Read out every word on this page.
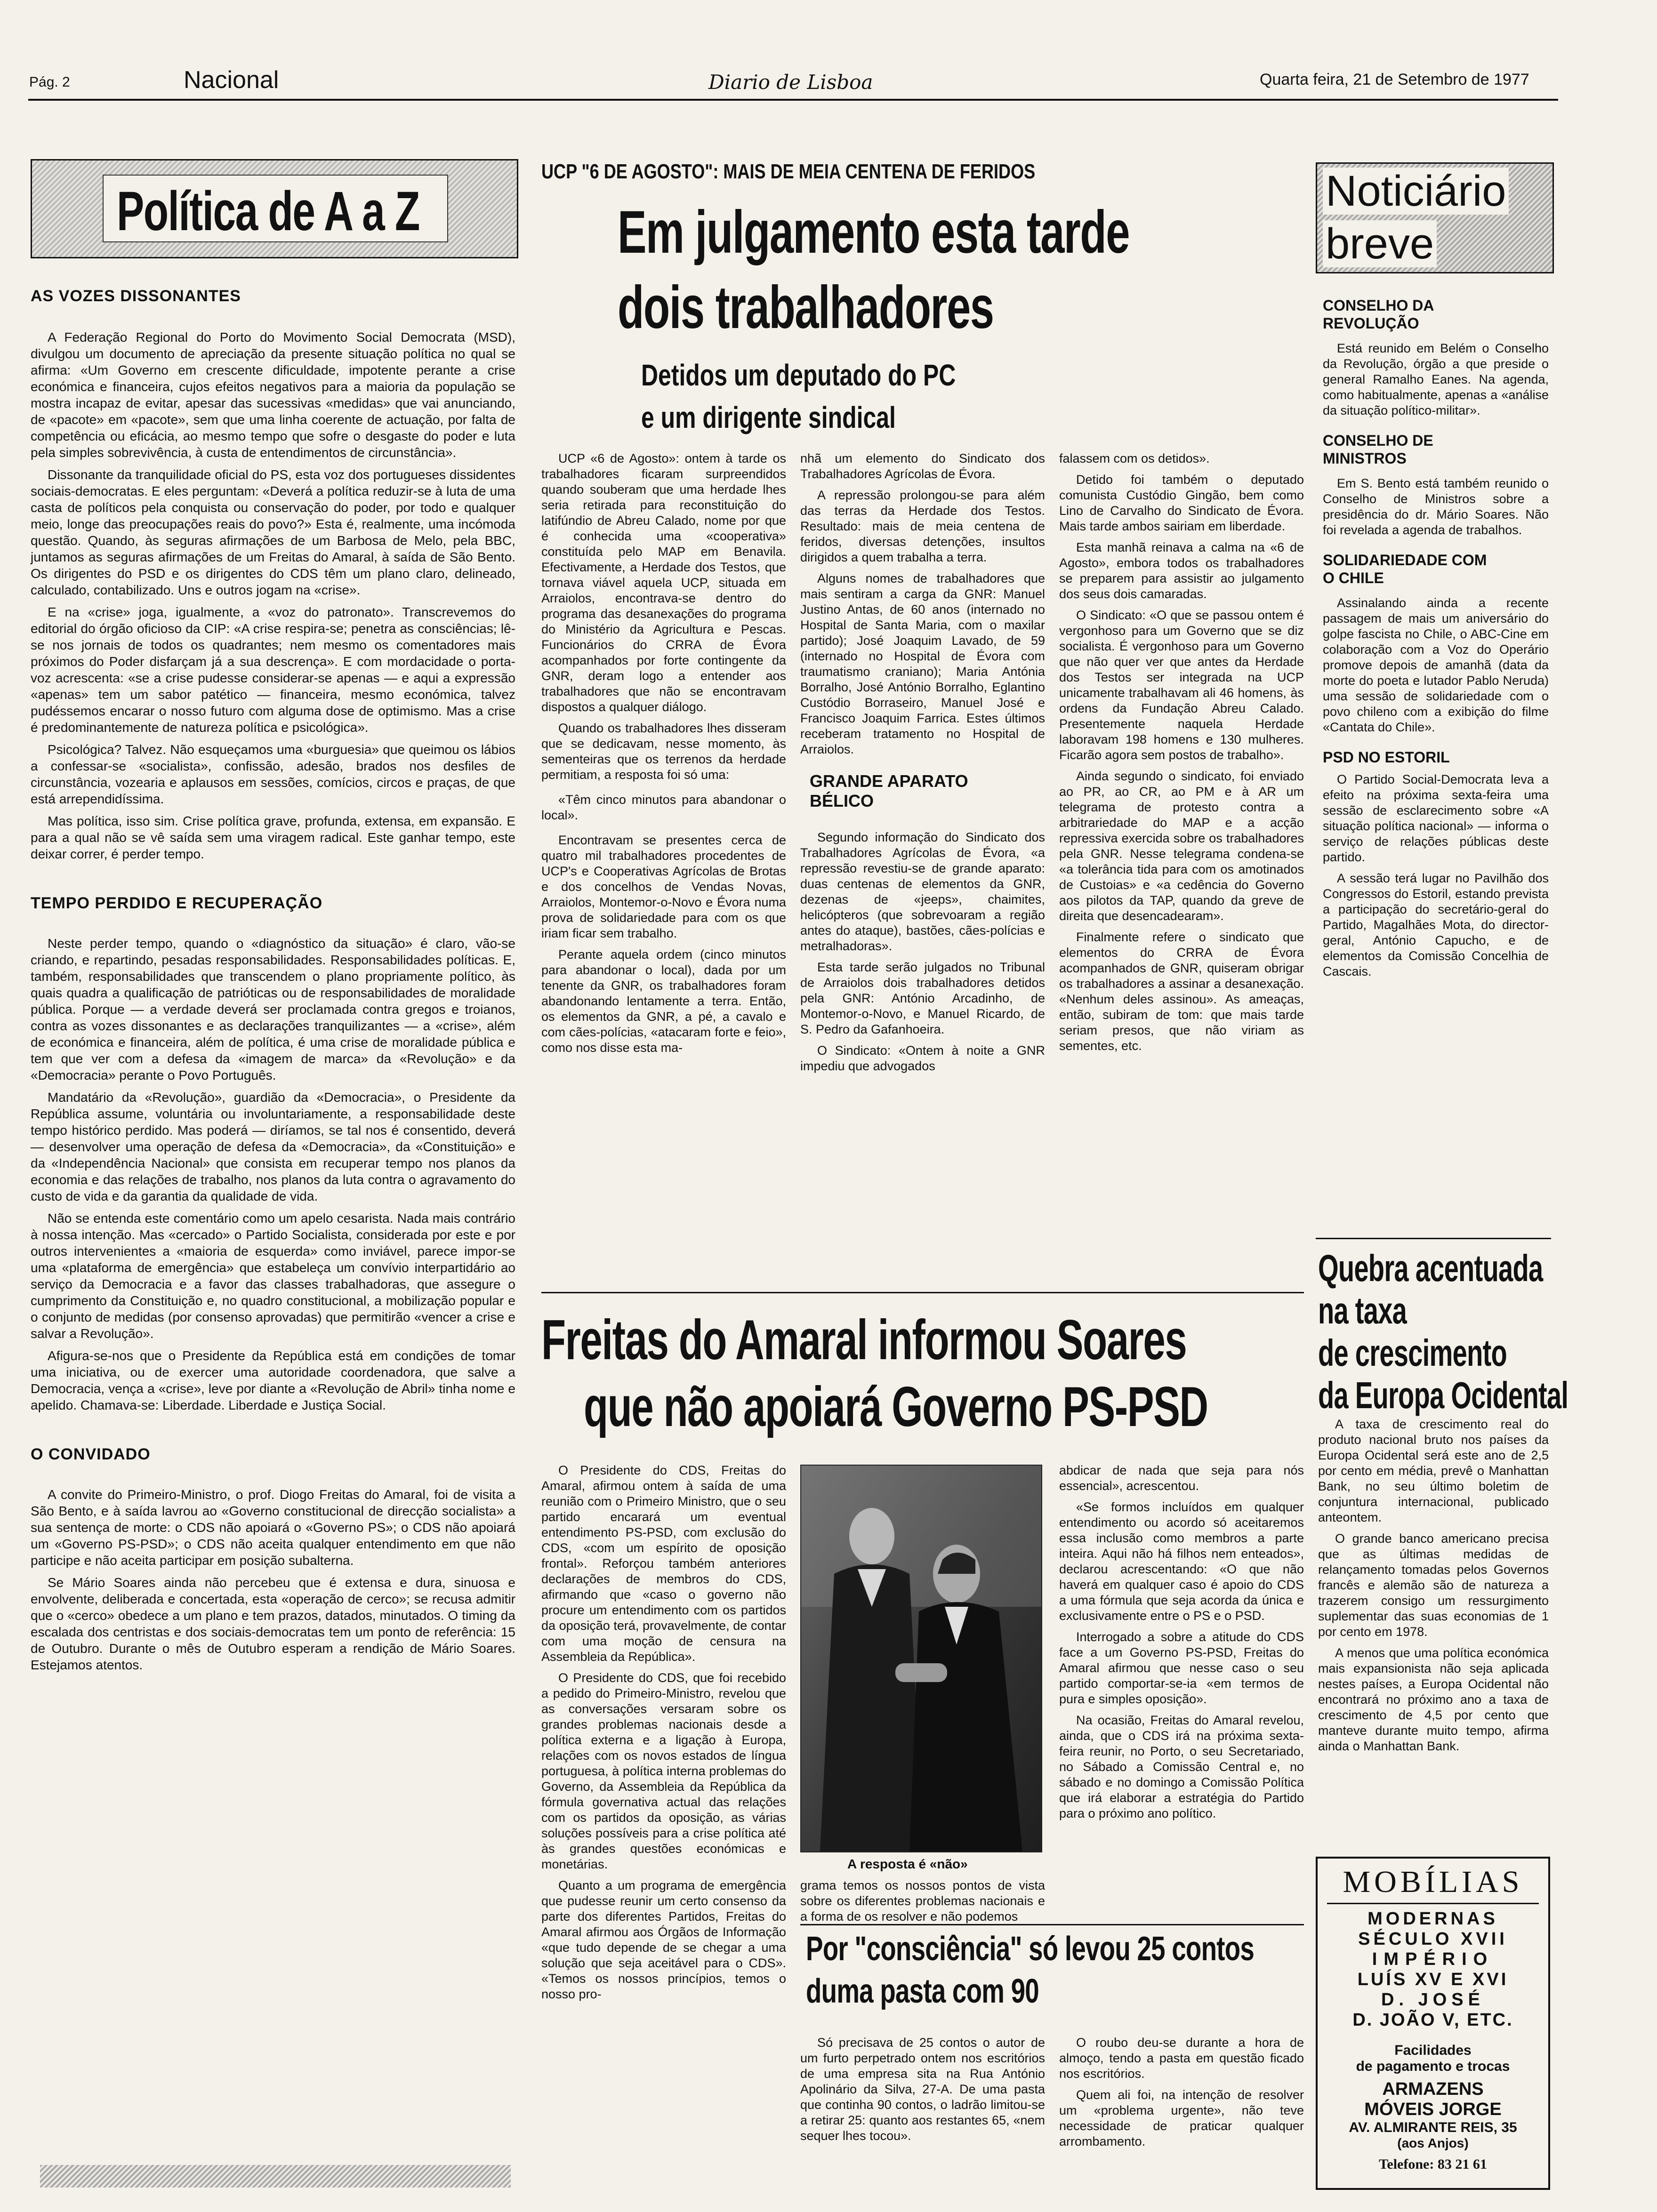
Pág. 2	Nacional	Diario de Lisboa	Quarta feira, 21 de Setembro de 1977
Política de A a Z
AS VOZES DISSONANTES

A Federação Regional do Porto do Movimento Social Democrata (MSD), divulgou um documento de apreciação da presente situação política no qual se afirma: «Um Governo em crescente dificuldade, impotente perante a crise económica e financeira, cujos efeitos negativos para a maioria da população se mostra incapaz de evitar, apesar das sucessivas «medidas» que vai anunciando, de «pacote» em «pacote», sem que uma linha coerente de actuação, por falta de competência ou eficácia, ao mesmo tempo que sofre o desgaste do poder e luta pela simples sobrevivência, à custa de entendimentos de circunstância».

Dissonante da tranquilidade oficial do PS, esta voz dos portugueses dissidentes sociais-democratas. E eles perguntam: «Deverá a política reduzir-se à luta de uma casta de políticos pela conquista ou conservação do poder, por todo e qualquer meio, longe das preocupações reais do povo?» Esta é, realmente, uma incómoda questão. Quando, às seguras afirmações de um Barbosa de Melo, pela BBC, juntamos as seguras afirmações de um Freitas do Amaral, à saída de São Bento. Os dirigentes do PSD e os dirigentes do CDS têm um plano claro, delineado, calculado, contabilizado. Uns e outros jogam na «crise».

E na «crise» joga, igualmente, a «voz do patronato». Transcrevemos do editorial do órgão oficioso da CIP: «A crise respira-se; penetra as consciências; lê-se nos jornais de todos os quadrantes; nem mesmo os comentadores mais próximos do Poder disfarçam já a sua descrença». E com mordacidade o porta-voz acrescenta: «se a crise pudesse considerar-se apenas — e aqui a expressão «apenas» tem um sabor patético — financeira, mesmo económica, talvez pudéssemos encarar o nosso futuro com alguma dose de optimismo. Mas a crise é predominantemente de natureza política e psicológica».

Psicológica? Talvez. Não esqueçamos uma «burguesia» que queimou os lábios a confessar-se «socialista», confissão, adesão, brados nos desfiles de circunstância, vozearia e aplausos em sessões, comícios, circos e praças, de que está arrependidíssima.

Mas política, isso sim. Crise política grave, profunda, extensa, em expansão. E para a qual não se vê saída sem uma viragem radical. Este ganhar tempo, este deixar correr, é perder tempo.

TEMPO PERDIDO E RECUPERAÇÃO

Neste perder tempo, quando o «diagnóstico da situação» é claro, vão-se criando, e repartindo, pesadas responsabilidades. Responsabilidades políticas. E, também, responsabilidades que transcendem o plano propriamente político, às quais quadra a qualificação de patrióticas ou de responsabilidades de moralidade pública. Porque — a verdade deverá ser proclamada contra gregos e troianos, contra as vozes dissonantes e as declarações tranquilizantes — a «crise», além de económica e financeira, além de política, é uma crise de moralidade pública e tem que ver com a defesa da «imagem de marca» da «Revolução» e da «Democracia» perante o Povo Português.

Mandatário da «Revolução», guardião da «Democracia», o Presidente da República assume, voluntária ou involuntariamente, a responsabilidade deste tempo histórico perdido. Mas poderá — diríamos, se tal nos é consentido, deverá — desenvolver uma operação de defesa da «Democracia», da «Constituição» e da «Independência Nacional» que consista em recuperar tempo nos planos da economia e das relações de trabalho, nos planos da luta contra o agravamento do custo de vida e da garantia da qualidade de vida.

Não se entenda este comentário como um apelo cesarista. Nada mais contrário à nossa intenção. Mas «cercado» o Partido Socialista, considerada por este e por outros intervenientes a «maioria de esquerda» como inviável, parece impor-se uma «plataforma de emergência» que estabeleça um convívio interpartidário ao serviço da Democracia e a favor das classes trabalhadoras, que assegure o cumprimento da Constituição e, no quadro constitucional, a mobilização popular e o conjunto de medidas (por consenso aprovadas) que permitirão «vencer a crise e salvar a Revolução».

Afigura-se-nos que o Presidente da República está em condições de tomar uma iniciativa, ou de exercer uma autoridade coordenadora, que salve a Democracia, vença a «crise», leve por diante a «Revolução de Abril» tinha nome e apelido. Chamava-se: Liberdade. Liberdade e Justiça Social.

O CONVIDADO

A convite do Primeiro-Ministro, o prof. Diogo Freitas do Amaral, foi de visita a São Bento, e à saída lavrou ao «Governo constitucional de direcção socialista» a sua sentença de morte: o CDS não apoiará o «Governo PS»; o CDS não apoiará um «Governo PS-PSD»; o CDS não aceita qualquer entendimento em que não participe e não aceita participar em posição subalterna.

Se Mário Soares ainda não percebeu que é extensa e dura, sinuosa e envolvente, deliberada e concertada, esta «operação de cerco»; se recusa admitir que o «cerco» obedece a um plano e tem prazos, datados, minutados. O timing da escalada dos centristas e dos sociais-democratas tem um ponto de referência: 15 de Outubro. Durante o mês de Outubro esperam a rendição de Mário Soares. Estejamos atentos.

UCP "6 DE AGOSTO": MAIS DE MEIA CENTENA DE FERIDOS
Em julgamento esta tarde
dois trabalhadores
Detidos um deputado do PC
e um dirigente sindical

UCP «6 de Agosto»: ontem à tarde os trabalhadores ficaram surpreendidos quando souberam que uma herdade lhes seria retirada para reconstituição do latifúndio de Abreu Calado, nome por que é conhecida uma «cooperativa» constituída pelo MAP em Benavila. Efectivamente, a Herdade dos Testos, que tornava viável aquela UCP, situada em Arraiolos, encontrava-se dentro do programa das desanexações do programa do Ministério da Agricultura e Pescas. Funcionários do CRRA de Évora acompanhados por forte contingente da GNR, deram logo a entender aos trabalhadores que não se encontravam dispostos a qualquer diálogo.

Quando os trabalhadores lhes disseram que se dedicavam, nesse momento, às sementeiras que os terrenos da herdade permitiam, a resposta foi só uma:

«Têm cinco minutos para abandonar o local».

Encontravam se presentes cerca de quatro mil trabalhadores procedentes de UCP's e Cooperativas Agrícolas de Brotas e dos concelhos de Vendas Novas, Arraiolos, Montemor-o-Novo e Évora numa prova de solidariedade para com os que iriam ficar sem trabalho.

Perante aquela ordem (cinco minutos para abandonar o local), dada por um tenente da GNR, os trabalhadores foram abandonando lentamente a terra. Então, os elementos da GNR, a pé, a cavalo e com cães-polícias, «atacaram forte e feio», como nos disse esta ma-

nhã um elemento do Sindicato dos Trabalhadores Agrícolas de Évora.

A repressão prolongou-se para além das terras da Herdade dos Testos. Resultado: mais de meia centena de feridos, diversas detenções, insultos dirigidos a quem trabalha a terra.

Alguns nomes de trabalhadores que mais sentiram a carga da GNR: Manuel Justino Antas, de 60 anos (internado no Hospital de Santa Maria, com o maxilar partido); José Joaquim Lavado, de 59 (internado no Hospital de Évora com traumatismo craniano); Maria Antónia Borralho, José António Borralho, Eglantino Custódio Borraseiro, Manuel José e Francisco Joaquim Farrica. Estes últimos receberam tratamento no Hospital de Arraiolos.

GRANDE APARATO BÉLICO

Segundo informação do Sindicato dos Trabalhadores Agrícolas de Évora, «a repressão revestiu-se de grande aparato: duas centenas de elementos da GNR, dezenas de «jeeps», chaimites, helicópteros (que sobrevoaram a região antes do ataque), bastões, cães-polícias e metralhadoras».

Esta tarde serão julgados no Tribunal de Arraiolos dois trabalhadores detidos pela GNR: António Arcadinho, de Montemor-o-Novo, e Manuel Ricardo, de S. Pedro da Gafanhoeira.

O Sindicato: «Ontem à noite a GNR impediu que advogados

falassem com os detidos».

Detido foi também o deputado comunista Custódio Gingão, bem como Lino de Carvalho do Sindicato de Évora. Mais tarde ambos sairiam em liberdade.

Esta manhã reinava a calma na «6 de Agosto», embora todos os trabalhadores se preparem para assistir ao julgamento dos seus dois camaradas.

O Sindicato: «O que se passou ontem é vergonhoso para um Governo que se diz socialista. É vergonhoso para um Governo que não quer ver que antes da Herdade dos Testos ser integrada na UCP unicamente trabalhavam ali 46 homens, às ordens da Fundação Abreu Calado. Presentemente naquela Herdade laboravam 198 homens e 130 mulheres. Ficarão agora sem postos de trabalho».

Ainda segundo o sindicato, foi enviado ao PR, ao CR, ao PM e à AR um telegrama de protesto contra a arbitrariedade do MAP e a acção repressiva exercida sobre os trabalhadores pela GNR. Nesse telegrama condena-se «a tolerância tida para com os amotinados de Custoias» e «a cedência do Governo aos pilotos da TAP, quando da greve de direita que desencadearam».

Finalmente refere o sindicato que elementos do CRRA de Évora acompanhados de GNR, quiseram obrigar os trabalhadores a assinar a desanexação. «Nenhum deles assinou». As ameaças, então, subiram de tom: que mais tarde seriam presos, que não viriam as sementes, etc.

Freitas do Amaral informou Soares
que não apoiará Governo PS-PSD

O Presidente do CDS, Freitas do Amaral, afirmou ontem à saída de uma reunião com o Primeiro Ministro, que o seu partido encarará um eventual entendimento PS-PSD, com exclusão do CDS, «com um espírito de oposição frontal». Reforçou também anteriores declarações de membros do CDS, afirmando que «caso o governo não procure um entendimento com os partidos da oposição terá, provavelmente, de contar com uma moção de censura na Assembleia da República».

O Presidente do CDS, que foi recebido a pedido do Primeiro-Ministro, revelou que as conversações versaram sobre os grandes problemas nacionais desde a política externa e a ligação à Europa, relações com os novos estados de língua portuguesa, à política interna problemas do Governo, da Assembleia da República da fórmula governativa actual das relações com os partidos da oposição, as várias soluções possíveis para a crise política até às grandes questões económicas e monetárias.

Quanto a um programa de emergência que pudesse reunir um certo consenso da parte dos diferentes Partidos, Freitas do Amaral afirmou aos Órgãos de Informação «que tudo depende de se chegar a uma solução que seja aceitável para o CDS». «Temos os nossos princípios, temos o nosso pro-

A resposta é «não»

grama temos os nossos pontos de vista sobre os diferentes problemas nacionais e a forma de os resolver e não podemos

abdicar de nada que seja para nós essencial», acrescentou.

«Se formos incluídos em qualquer entendimento ou acordo só aceitaremos essa inclusão como membros a parte inteira. Aqui não há filhos nem enteados», declarou acrescentando: «O que não haverá em qualquer caso é apoio do CDS a uma fórmula que seja acorda da única e exclusivamente entre o PS e o PSD.

Interrogado a sobre a atitude do CDS face a um Governo PS-PSD, Freitas do Amaral afirmou que nesse caso o seu partido comportar-se-ia «em termos de pura e simples oposição».

Na ocasião, Freitas do Amaral revelou, ainda, que o CDS irá na próxima sexta-feira reunir, no Porto, o seu Secretariado, no Sábado a Comissão Central e, no sábado e no domingo a Comissão Política que irá elaborar a estratégia do Partido para o próximo ano político.

Por "consciência" só levou 25 contos
duma pasta com 90

Só precisava de 25 contos o autor de um furto perpetrado ontem nos escritórios de uma empresa sita na Rua António Apolinário da Silva, 27-A. De uma pasta que continha 90 contos, o ladrão limitou-se a retirar 25: quanto aos restantes 65, «nem sequer lhes tocou».

O roubo deu-se durante a hora de almoço, tendo a pasta em questão ficado nos escritórios.

Quem ali foi, na intenção de resolver um «problema urgente», não teve necessidade de praticar qualquer arrombamento.

Noticiário
breve
CONSELHO DA REVOLUÇÃO

Está reunido em Belém o Conselho da Revolução, órgão a que preside o general Ramalho Eanes. Na agenda, como habitualmente, apenas a «análise da situação político-militar».

CONSELHO DE MINISTROS

Em S. Bento está também reunido o Conselho de Ministros sobre a presidência do dr. Mário Soares. Não foi revelada a agenda de trabalhos.

SOLIDARIEDADE COM O CHILE

Assinalando ainda a recente passagem de mais um aniversário do golpe fascista no Chile, o ABC-Cine em colaboração com a Voz do Operário promove depois de amanhã (data da morte do poeta e lutador Pablo Neruda) uma sessão de solidariedade com o povo chileno com a exibição do filme «Cantata do Chile».

PSD NO ESTORIL

O Partido Social-Democrata leva a efeito na próxima sexta-feira uma sessão de esclarecimento sobre «A situação política nacional» — informa o serviço de relações públicas deste partido.

A sessão terá lugar no Pavilhão dos Congressos do Estoril, estando prevista a participação do secretário-geral do Partido, Magalhães Mota, do director-geral, António Capucho, e de elementos da Comissão Concelhia de Cascais.

Quebra acentuada
na taxa
de crescimento
da Europa Ocidental

A taxa de crescimento real do produto nacional bruto nos países da Europa Ocidental será este ano de 2,5 por cento em média, prevê o Manhattan Bank, no seu último boletim de conjuntura internacional, publicado anteontem.

O grande banco americano precisa que as últimas medidas de relançamento tomadas pelos Governos francês e alemão são de natureza a trazerem consigo um ressurgimento suplementar das suas economias de 1 por cento em 1978.

A menos que uma política económica mais expansionista não seja aplicada nestes países, a Europa Ocidental não encontrará no próximo ano a taxa de crescimento de 4,5 por cento que manteve durante muito tempo, afirma ainda o Manhattan Bank.

MOBÍLIAS
MODERNAS
SÉCULO XVII
IMPÉRIO
LUÍS XV E XVI
D. JOSÉ
D. JOÃO V, ETC.
Facilidades
de pagamento e trocas
ARMAZENS
MÓVEIS JORGE
AV. ALMIRANTE REIS, 35
(aos Anjos)
Telefone: 83 21 61
